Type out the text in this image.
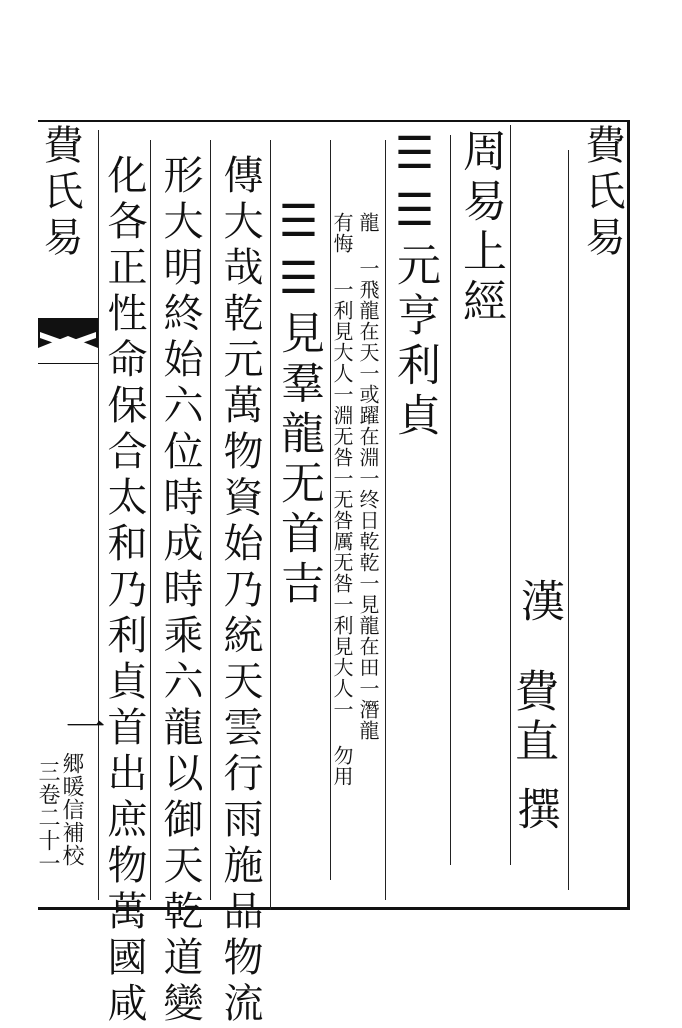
費氏易
漢
費直
撰
周易上經
☰☰元亨利貞
龍 一飛龍在天一或躍在淵一终日乾乾一見龍在田一潛龍
有悔 一利見大人一淵无咎一无咎厲无咎一利見大人一 勿用
☰☰見羣龍无首吉
傳大哉乾元萬物資始乃統天雲行雨施品物流
形大明終始六位時成時乘六龍以御天乾道變
化各正性命保合太和乃利貞首出庶物萬國咸
費氏易
一
郷暖信補校
三卷二十一
